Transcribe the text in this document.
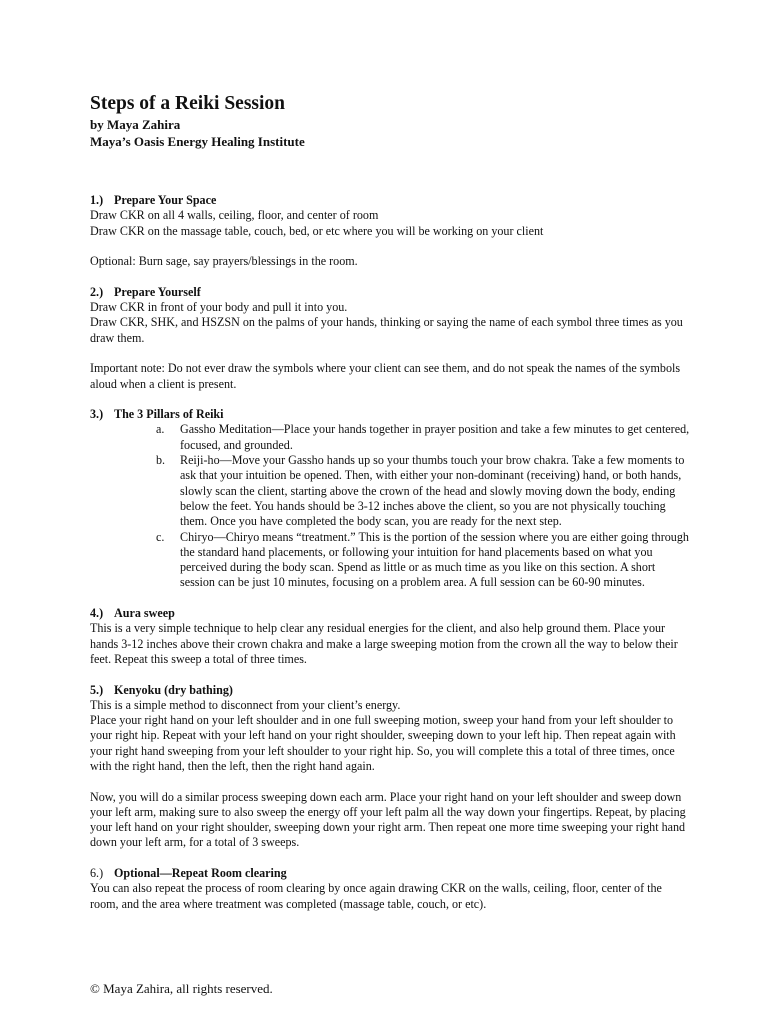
Steps of a Reiki Session

by Maya Zahira

Maya’s Oasis Energy Healing Institute

1.) Prepare Your Space

Draw CKR on all 4 walls, ceiling, floor, and center of room

Draw CKR on the massage table, couch, bed, or etc where you will be working on your client

Optional: Burn sage, say prayers/blessings in the room.

2.) Prepare Yourself

Draw CKR in front of your body and pull it into you.

Draw CKR, SHK, and HSZSN on the palms of your hands, thinking or saying the name of each symbol three times as you draw them.

Important note: Do not ever draw the symbols where your client can see them, and do not speak the names of the symbols aloud when a client is present.

3.) The 3 Pillars of Reiki

a. Gassho Meditation—Place your hands together in prayer position and take a few minutes to get centered, focused, and grounded.
b. Reiji-ho—Move your Gassho hands up so your thumbs touch your brow chakra. Take a few moments to ask that your intuition be opened. Then, with either your non-dominant (receiving) hand, or both hands, slowly scan the client, starting above the crown of the head and slowly moving down the body, ending below the feet. You hands should be 3-12 inches above the client, so you are not physically touching them. Once you have completed the body scan, you are ready for the next step.
c. Chiryo—Chiryo means “treatment.” This is the portion of the session where you are either going through the standard hand placements, or following your intuition for hand placements based on what you perceived during the body scan. Spend as little or as much time as you like on this section. A short session can be just 10 minutes, focusing on a problem area. A full session can be 60-90 minutes.

4.) Aura sweep

This is a very simple technique to help clear any residual energies for the client, and also help ground them. Place your hands 3-12 inches above their crown chakra and make a large sweeping motion from the crown all the way to below their feet. Repeat this sweep a total of three times.

5.) Kenyoku (dry bathing)

This is a simple method to disconnect from your client’s energy.

Place your right hand on your left shoulder and in one full sweeping motion, sweep your hand from your left shoulder to your right hip. Repeat with your left hand on your right shoulder, sweeping down to your left hip. Then repeat again with your right hand sweeping from your left shoulder to your right hip. So, you will complete this a total of three times, once with the right hand, then the left, then the right hand again.

Now, you will do a similar process sweeping down each arm. Place your right hand on your left shoulder and sweep down your left arm, making sure to also sweep the energy off your left palm all the way down your fingertips. Repeat, by placing your left hand on your right shoulder, sweeping down your right arm. Then repeat one more time sweeping your right hand down your left arm, for a total of 3 sweeps.

6.) Optional—Repeat Room clearing

You can also repeat the process of room clearing by once again drawing CKR on the walls, ceiling, floor, center of the room, and the area where treatment was completed (massage table, couch, or etc).

© Maya Zahira, all rights reserved.
